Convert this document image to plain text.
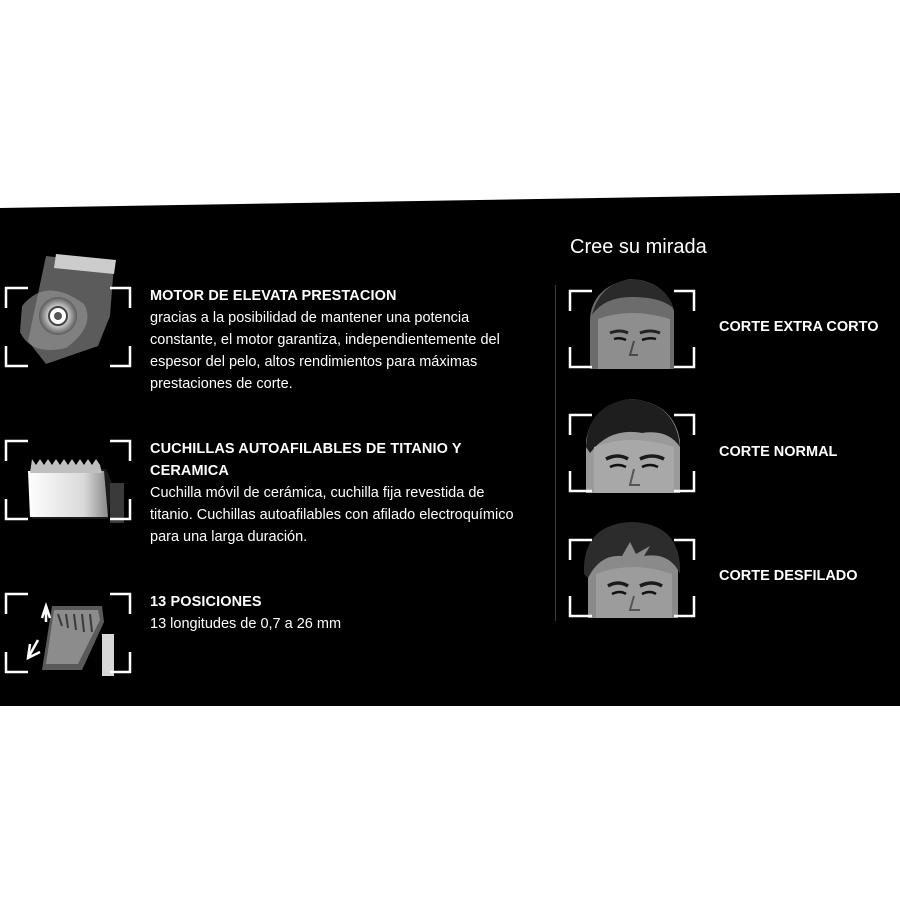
MOTOR DE ELEVATA PRESTACION
gracias a la posibilidad de mantener una potencia
constante, el motor garantiza, independientemente del
espesor del pelo, altos rendimientos para máximas
prestaciones de corte.
CUCHILLAS AUTOAFILABLES DE TITANIO Y
CERAMICA
Cuchilla móvil de cerámica, cuchilla fija revestida de
titanio. Cuchillas autoafilables con afilado electroquímico
para una larga duración.
13 POSICIONES
13 longitudes de 0,7 a 26 mm
Cree su mirada
CORTE EXTRA CORTO
CORTE NORMAL
CORTE DESFILADO
